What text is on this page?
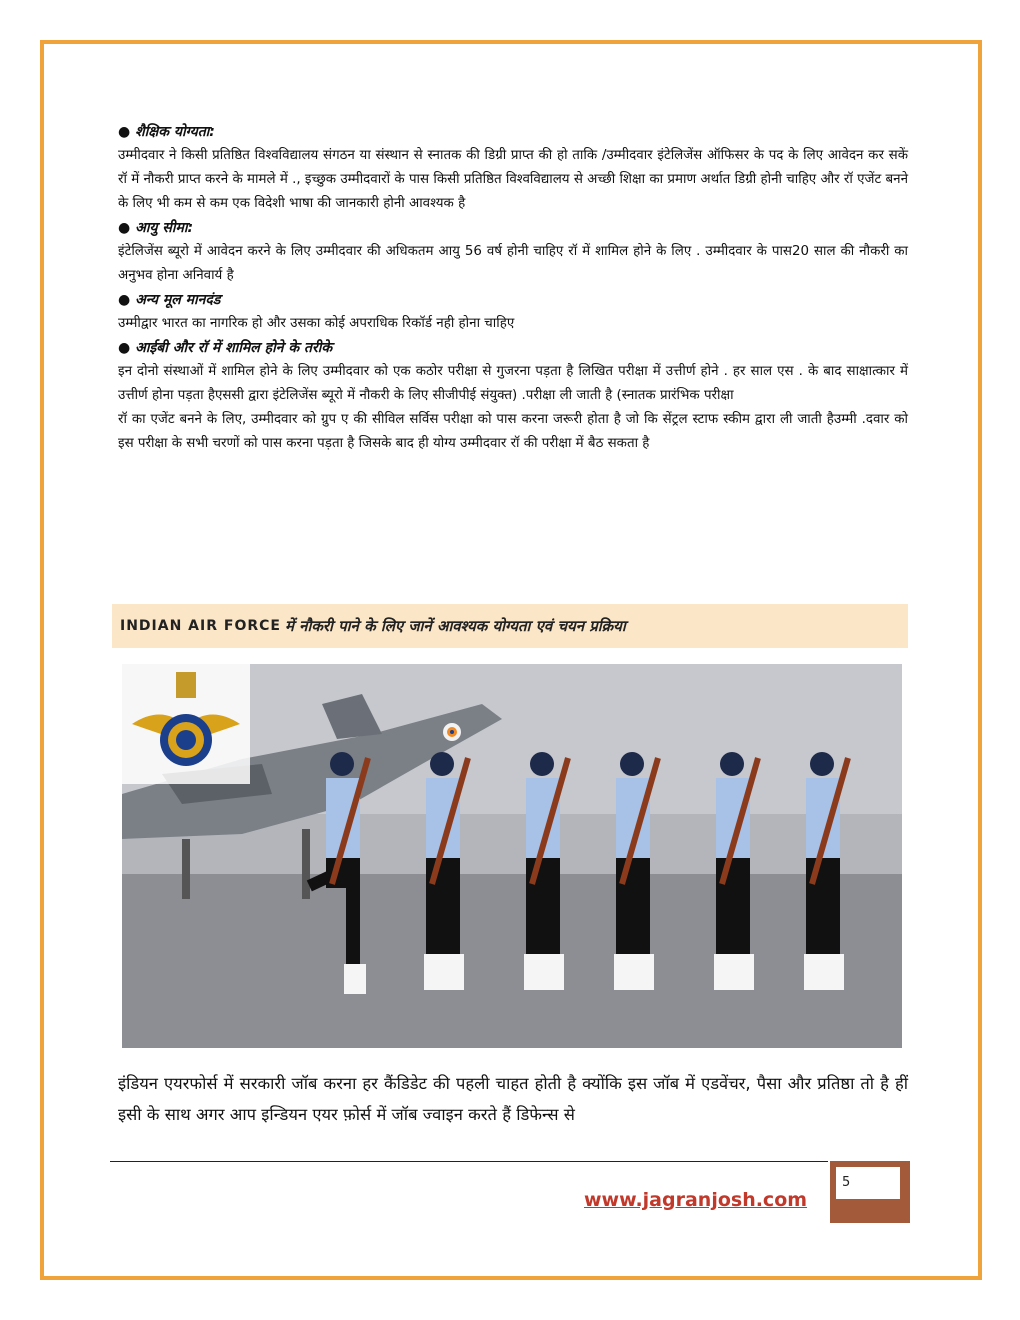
● शैक्षिक योग्यता:

उम्मीदवार ने किसी प्रतिष्ठित विश्वविद्यालय संगठन या संस्थान से स्नातक की डिग्री प्राप्त की हो ताकि /उम्मीदवार इंटेलिजेंस ऑफिसर के पद के लिए आवेदन कर सकें रॉ में नौकरी प्राप्त करने के मामले में ., इच्छुक उम्मीदवारों के पास किसी प्रतिष्ठित विश्वविद्यालय से अच्छी शिक्षा का प्रमाण अर्थात डिग्री होनी चाहिए और रॉ एजेंट बनने के लिए भी कम से कम एक विदेशी भाषा की जानकारी होनी आवश्यक है

● आयु सीमा:

इंटेलिजेंस ब्यूरो में आवेदन करने के लिए उम्मीदवार की अधिकतम आयु 56 वर्ष होनी चाहिए रॉ में शामिल होने के लिए . उम्मीदवार के पास20 साल की नौकरी का अनुभव होना अनिवार्य है

● अन्य मूल मानदंड

उम्मीद्वार भारत का नागरिक हो और उसका कोई अपराधिक रिकॉर्ड नही होना चाहिए

● आईबी और रॉ में शामिल होने के तरीके

इन दोनो संस्थाओं में शामिल होने के लिए उम्मीदवार को एक कठोर परीक्षा से गुजरना पड़ता है लिखित परीक्षा में उत्तीर्ण होने . हर साल एस . के बाद साक्षात्कार में उत्तीर्ण होना पड़ता हैएससी द्वारा इंटेलिजेंस ब्यूरो में नौकरी के लिए सीजीपीई संयुक्त) .परीक्षा ली जाती है (स्नातक प्रारंभिक परीक्षा

रॉ का एजेंट बनने के लिए, उम्मीदवार को ग्रुप ए की सीविल सर्विस परीक्षा को पास करना जरूरी होता है जो कि सेंट्रल स्टाफ स्कीम द्वारा ली जाती हैउम्मी .दवार को इस परीक्षा के सभी चरणों को पास करना पड़ता है जिसके बाद ही योग्य उम्मीदवार रॉ की परीक्षा में बैठ सकता है

INDIAN AIR FORCE में नौकरी पाने के लिए जानें आवश्यक योग्यता एवं चयन प्रक्रिया

इंडियन एयरफोर्स में सरकारी जॉब करना हर कैंडिडेट की पहली चाहत होती है क्योंकि इस जॉब में एडवेंचर, पैसा और प्रतिष्ठा तो है हीं इसी के साथ अगर आप इन्डियन एयर फ़ोर्स में जॉब ज्वाइन करते हैं डिफेन्स से

www.jagranjosh.com
5
